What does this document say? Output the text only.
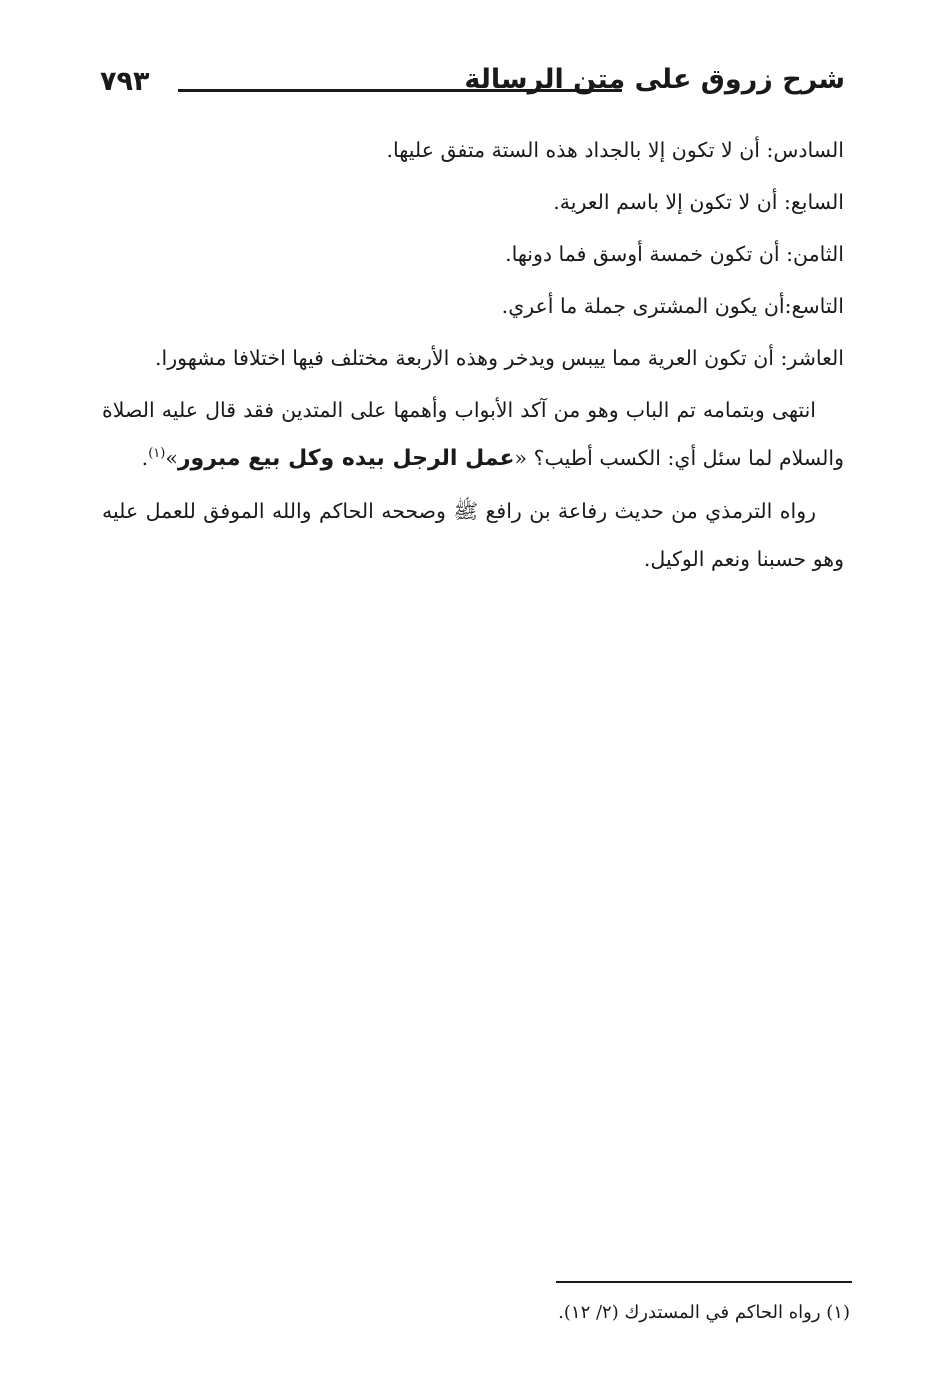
٧٩٣	شرح زروق على متن الرسالة

السادس: أن لا تكون إلا بالجداد هذه الستة متفق عليها.

السابع: أن لا تكون إلا باسم العرية.

الثامن: أن تكون خمسة أوسق فما دونها.

التاسع:أن يكون المشترى جملة ما أعري.

العاشر: أن تكون العرية مما ييبس ويدخر وهذه الأربعة مختلف فيها اختلافا مشهورا.

انتهى وبتمامه تم الباب وهو من آكد الأبواب وأهمها على المتدين فقد قال عليه الصلاة والسلام لما سئل أي: الكسب أطيب؟ «عمل الرجل بيده وكل بيع مبرور»$^{(١)}$.

رواه الترمذي من حديث رفاعة بن رافع ﷺ وصححه الحاكم والله الموفق للعمل عليه وهو حسبنا ونعم الوكيل.

(١) رواه الحاكم في المستدرك (٢/ ١٢).
